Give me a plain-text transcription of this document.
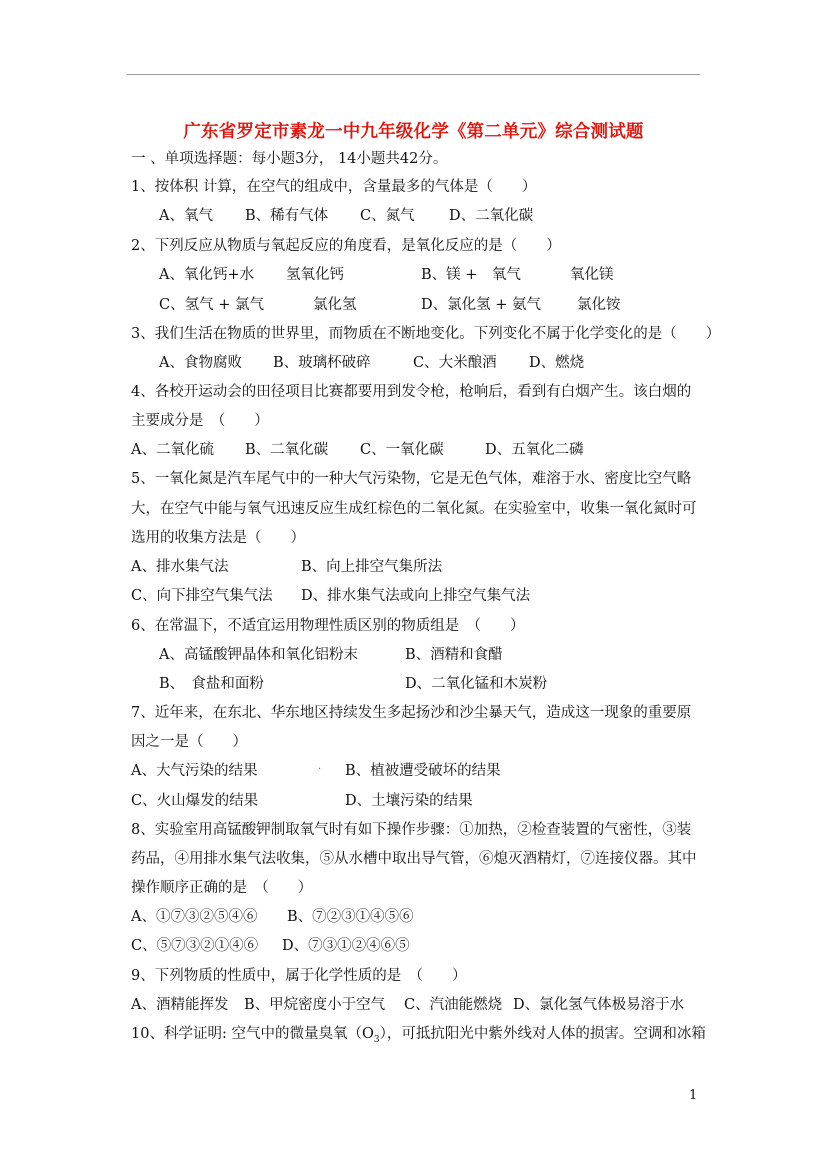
广东省罗定市素龙一中九年级化学《第二单元》综合测试题
一 、单项选择题：每小题3分， 14小题共42分。
1、按体积 计算，在空气的组成中，含量最多的气体是（　　）
A、氧气 B、稀有气体 C、氮气 D、二氧化碳
2、下列反应从物质与氧起反应的角度看，是氧化反应的是（　　）
A、氧化钙+水 氢氧化钙	B、镁 +　氧气	氧化镁
C、氢气 + 氯气	氯化氢	D、氯化氢 + 氨气 氯化铵
3、我们生活在物质的世界里，而物质在不断地变化。下列变化不属于化学变化的是（　　）
A、食物腐败 B、玻璃杯破碎	C、大米酿酒 D、燃烧
4、各校开运动会的田径项目比赛都要用到发令枪，枪响后，看到有白烟产生。该白烟的
主要成分是　（　　）
A、二氧化硫 B、二氧化碳 C、一氧化碳	D、五氧化二磷
5、一氧化氮是汽车尾气中的一种大气污染物，它是无色气体，难溶于水、密度比空气略
大，在空气中能与氧气迅速反应生成红棕色的二氧化氮。在实验室中，收集一氧化氮时可
选用的收集方法是（　　）
A、排水集气法	B、向上排空气集所法
C、向下排空气集气法 D、排水集气法或向上排空气集气法
6、在常温下，不适宜运用物理性质区别的物质组是　（　　）
A、高锰酸钾晶体和氧化铝粉末	B、酒精和食醋
B、　食盐和面粉	D、二氧化锰和木炭粉
7、近年来，在东北、华东地区持续发生多起扬沙和沙尘暴天气，造成这一现象的重要原
因之一是（　　）
A、大气污染的结果	. B、植被遭受破坏的结果
C、火山爆发的结果	D、土壤污染的结果
8、实验室用高锰酸钾制取氧气时有如下操作步骤：①加热，②检查装置的气密性，③装
药品，④用排水集气法收集，⑤从水槽中取出导气管，⑥熄灭酒精灯，⑦连接仪器。其中
操作顺序正确的是　（　　）
A、①⑦③②⑤④⑥ B、⑦②③①④⑤⑥
C、⑤⑦③②①④⑥ D、⑦③①②④⑥⑤
9、下列物质的性质中，属于化学性质的是　（　　）
A、酒精能挥发 B、甲烷密度小于空气 C、汽油能燃烧 D、氯化氢气体极易溶于水
10、科学证明: 空气中的微量臭氧$(O_3)$，可抵抗阳光中紫外线对人体的损害。空调和冰箱
1
